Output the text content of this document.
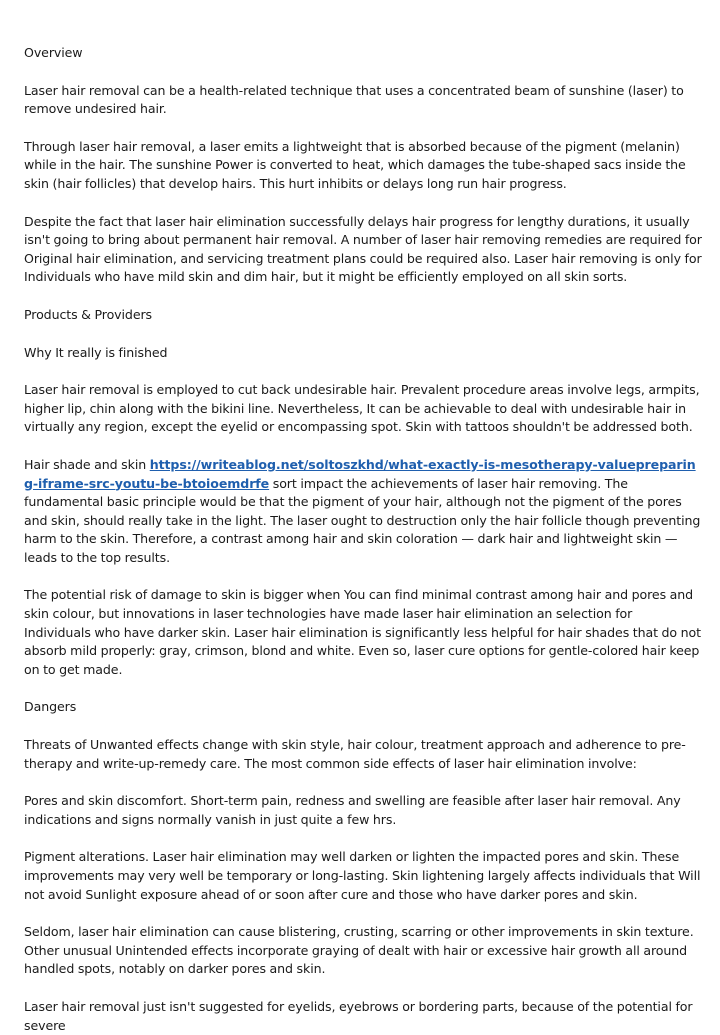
Overview

Laser hair removal can be a health-related technique that uses a concentrated beam of sunshine (laser) to remove undesired hair.

Through laser hair removal, a laser emits a lightweight that is absorbed because of the pigment (melanin) while in the hair. The sunshine Power is converted to heat, which damages the tube-shaped sacs inside the skin (hair follicles) that develop hairs. This hurt inhibits or delays long run hair progress.

Despite the fact that laser hair elimination successfully delays hair progress for lengthy durations, it usually isn't going to bring about permanent hair removal. A number of laser hair removing remedies are required for Original hair elimination, and servicing treatment plans could be required also. Laser hair removing is only for Individuals who have mild skin and dim hair, but it might be efficiently employed on all skin sorts.

Products & Providers

Why It really is finished

Laser hair removal is employed to cut back undesirable hair. Prevalent procedure areas involve legs, armpits, higher lip, chin along with the bikini line. Nevertheless, It can be achievable to deal with undesirable hair in virtually any region, except the eyelid or encompassing spot. Skin with tattoos shouldn't be addressed both.

Hair shade and skin https://writeablog.net/soltoszkhd/what-exactly-is-mesotherapy-valuepreparing-iframe-src-youtu-be-btoioemdrfe sort impact the achievements of laser hair removing. The fundamental basic principle would be that the pigment of your hair, although not the pigment of the pores and skin, should really take in the light. The laser ought to destruction only the hair follicle though preventing harm to the skin. Therefore, a contrast among hair and skin coloration — dark hair and lightweight skin — leads to the top results.

The potential risk of damage to skin is bigger when You can find minimal contrast among hair and pores and skin colour, but innovations in laser technologies have made laser hair elimination an selection for Individuals who have darker skin. Laser hair elimination is significantly less helpful for hair shades that do not absorb mild properly: gray, crimson, blond and white. Even so, laser cure options for gentle-colored hair keep on to get made.

Dangers

Threats of Unwanted effects change with skin style, hair colour, treatment approach and adherence to pre-therapy and write-up-remedy care. The most common side effects of laser hair elimination involve:

Pores and skin discomfort. Short-term pain, redness and swelling are feasible after laser hair removal. Any indications and signs normally vanish in just quite a few hrs.

Pigment alterations. Laser hair elimination may well darken or lighten the impacted pores and skin. These improvements may very well be temporary or long-lasting. Skin lightening largely affects individuals that Will not avoid Sunlight exposure ahead of or soon after cure and those who have darker pores and skin.

Seldom, laser hair elimination can cause blistering, crusting, scarring or other improvements in skin texture. Other unusual Unintended effects incorporate graying of dealt with hair or excessive hair growth all around handled spots, notably on darker pores and skin.

Laser hair removal just isn't suggested for eyelids, eyebrows or bordering parts, because of the potential for severe
